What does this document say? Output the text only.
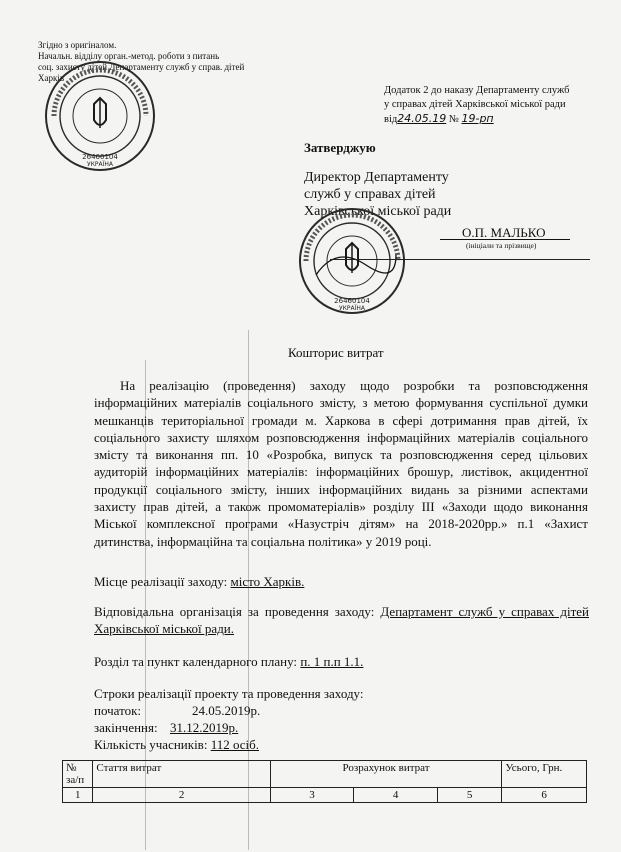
Згідно з оригіналом.
Начальн. відділу орган.-метод. роботи з питань
соц. захисту дітей Департаменту служб у справ. дітей
Харків
26460104
УКРАЇНА
Додаток 2 до наказу Департаменту служб
у справах дітей Харківської міської ради
від24.05.19 № 19-рп
Затверджую
Директор Департаменту
служб у справах дітей
Харківської міської ради
26460104
УКРАЇНА
О.П. МАЛЬКО
(ініціали та прізвище)
Кошторис витрат
На реалізацію (проведення) заходу щодо розробки та розповсюдження інформаційних матеріалів соціального змісту, з метою формування суспільної думки мешканців територіальної громади м. Харкова в сфері дотримання прав дітей, їх соціального захисту шляхом розповсюдження інформаційних матеріалів соціального змісту та виконання пп. 10 «Розробка, випуск та розповсюдження серед цільових аудиторій інформаційних матеріалів: інформаційних брошур, листівок, акцидентної продукції соціального змісту, інших інформаційних видань за різними аспектами захисту прав дітей, а також промоматеріалів» розділу III «Заходи щодо виконання Міської комплексної програми «Назустріч дітям» на 2018-2020рр.» п.1 «Захист дитинства, інформаційна та соціальна політика» у 2019 році.
Місце реалізації заходу: місто Харків.
Відповідальна організація за проведення заходу: Департамент служб у справах дітей Харківської міської ради.
Розділ та пункт календарного плану: п. 1 п.п 1.1.
Строки реалізації проекту та проведення заходу:
початок:	24.05.2019р.
закінчення: 31.12.2019р.
Кількість учасників: 112 осіб.
№ за/п	Стаття витрат	Розрахунок витрат			Усього, Грн.
1	2	3	4	5	6
